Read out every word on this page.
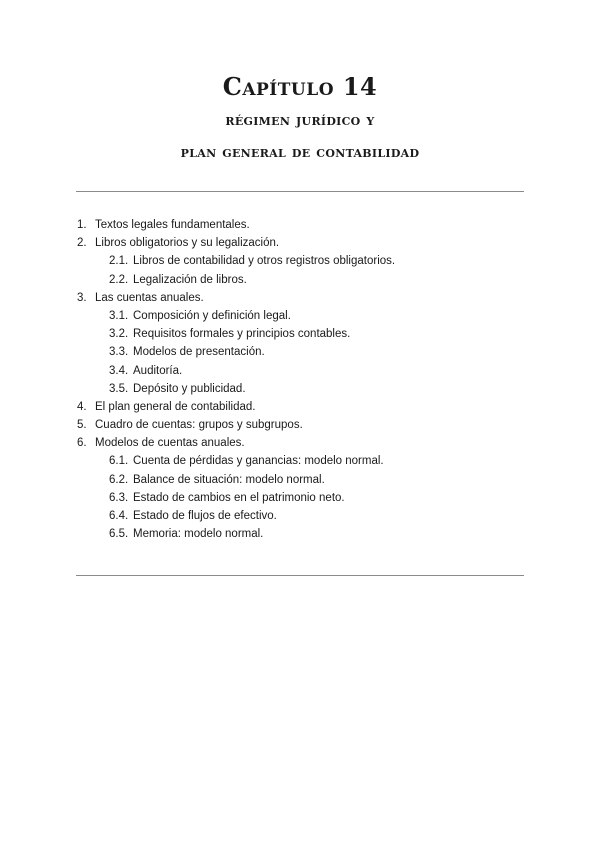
Capítulo 14

régimen jurídico y

plan general de contabilidad

1. Textos legales fundamentales.
2. Libros obligatorios y su legalización.
2.1. Libros de contabilidad y otros registros obligatorios.
2.2. Legalización de libros.
3. Las cuentas anuales.
3.1. Composición y definición legal.
3.2. Requisitos formales y principios contables.
3.3. Modelos de presentación.
3.4. Auditoría.
3.5. Depósito y publicidad.
4. El plan general de contabilidad.
5. Cuadro de cuentas: grupos y subgrupos.
6. Modelos de cuentas anuales.
6.1. Cuenta de pérdidas y ganancias: modelo normal.
6.2. Balance de situación: modelo normal.
6.3. Estado de cambios en el patrimonio neto.
6.4. Estado de flujos de efectivo.
6.5. Memoria: modelo normal.
